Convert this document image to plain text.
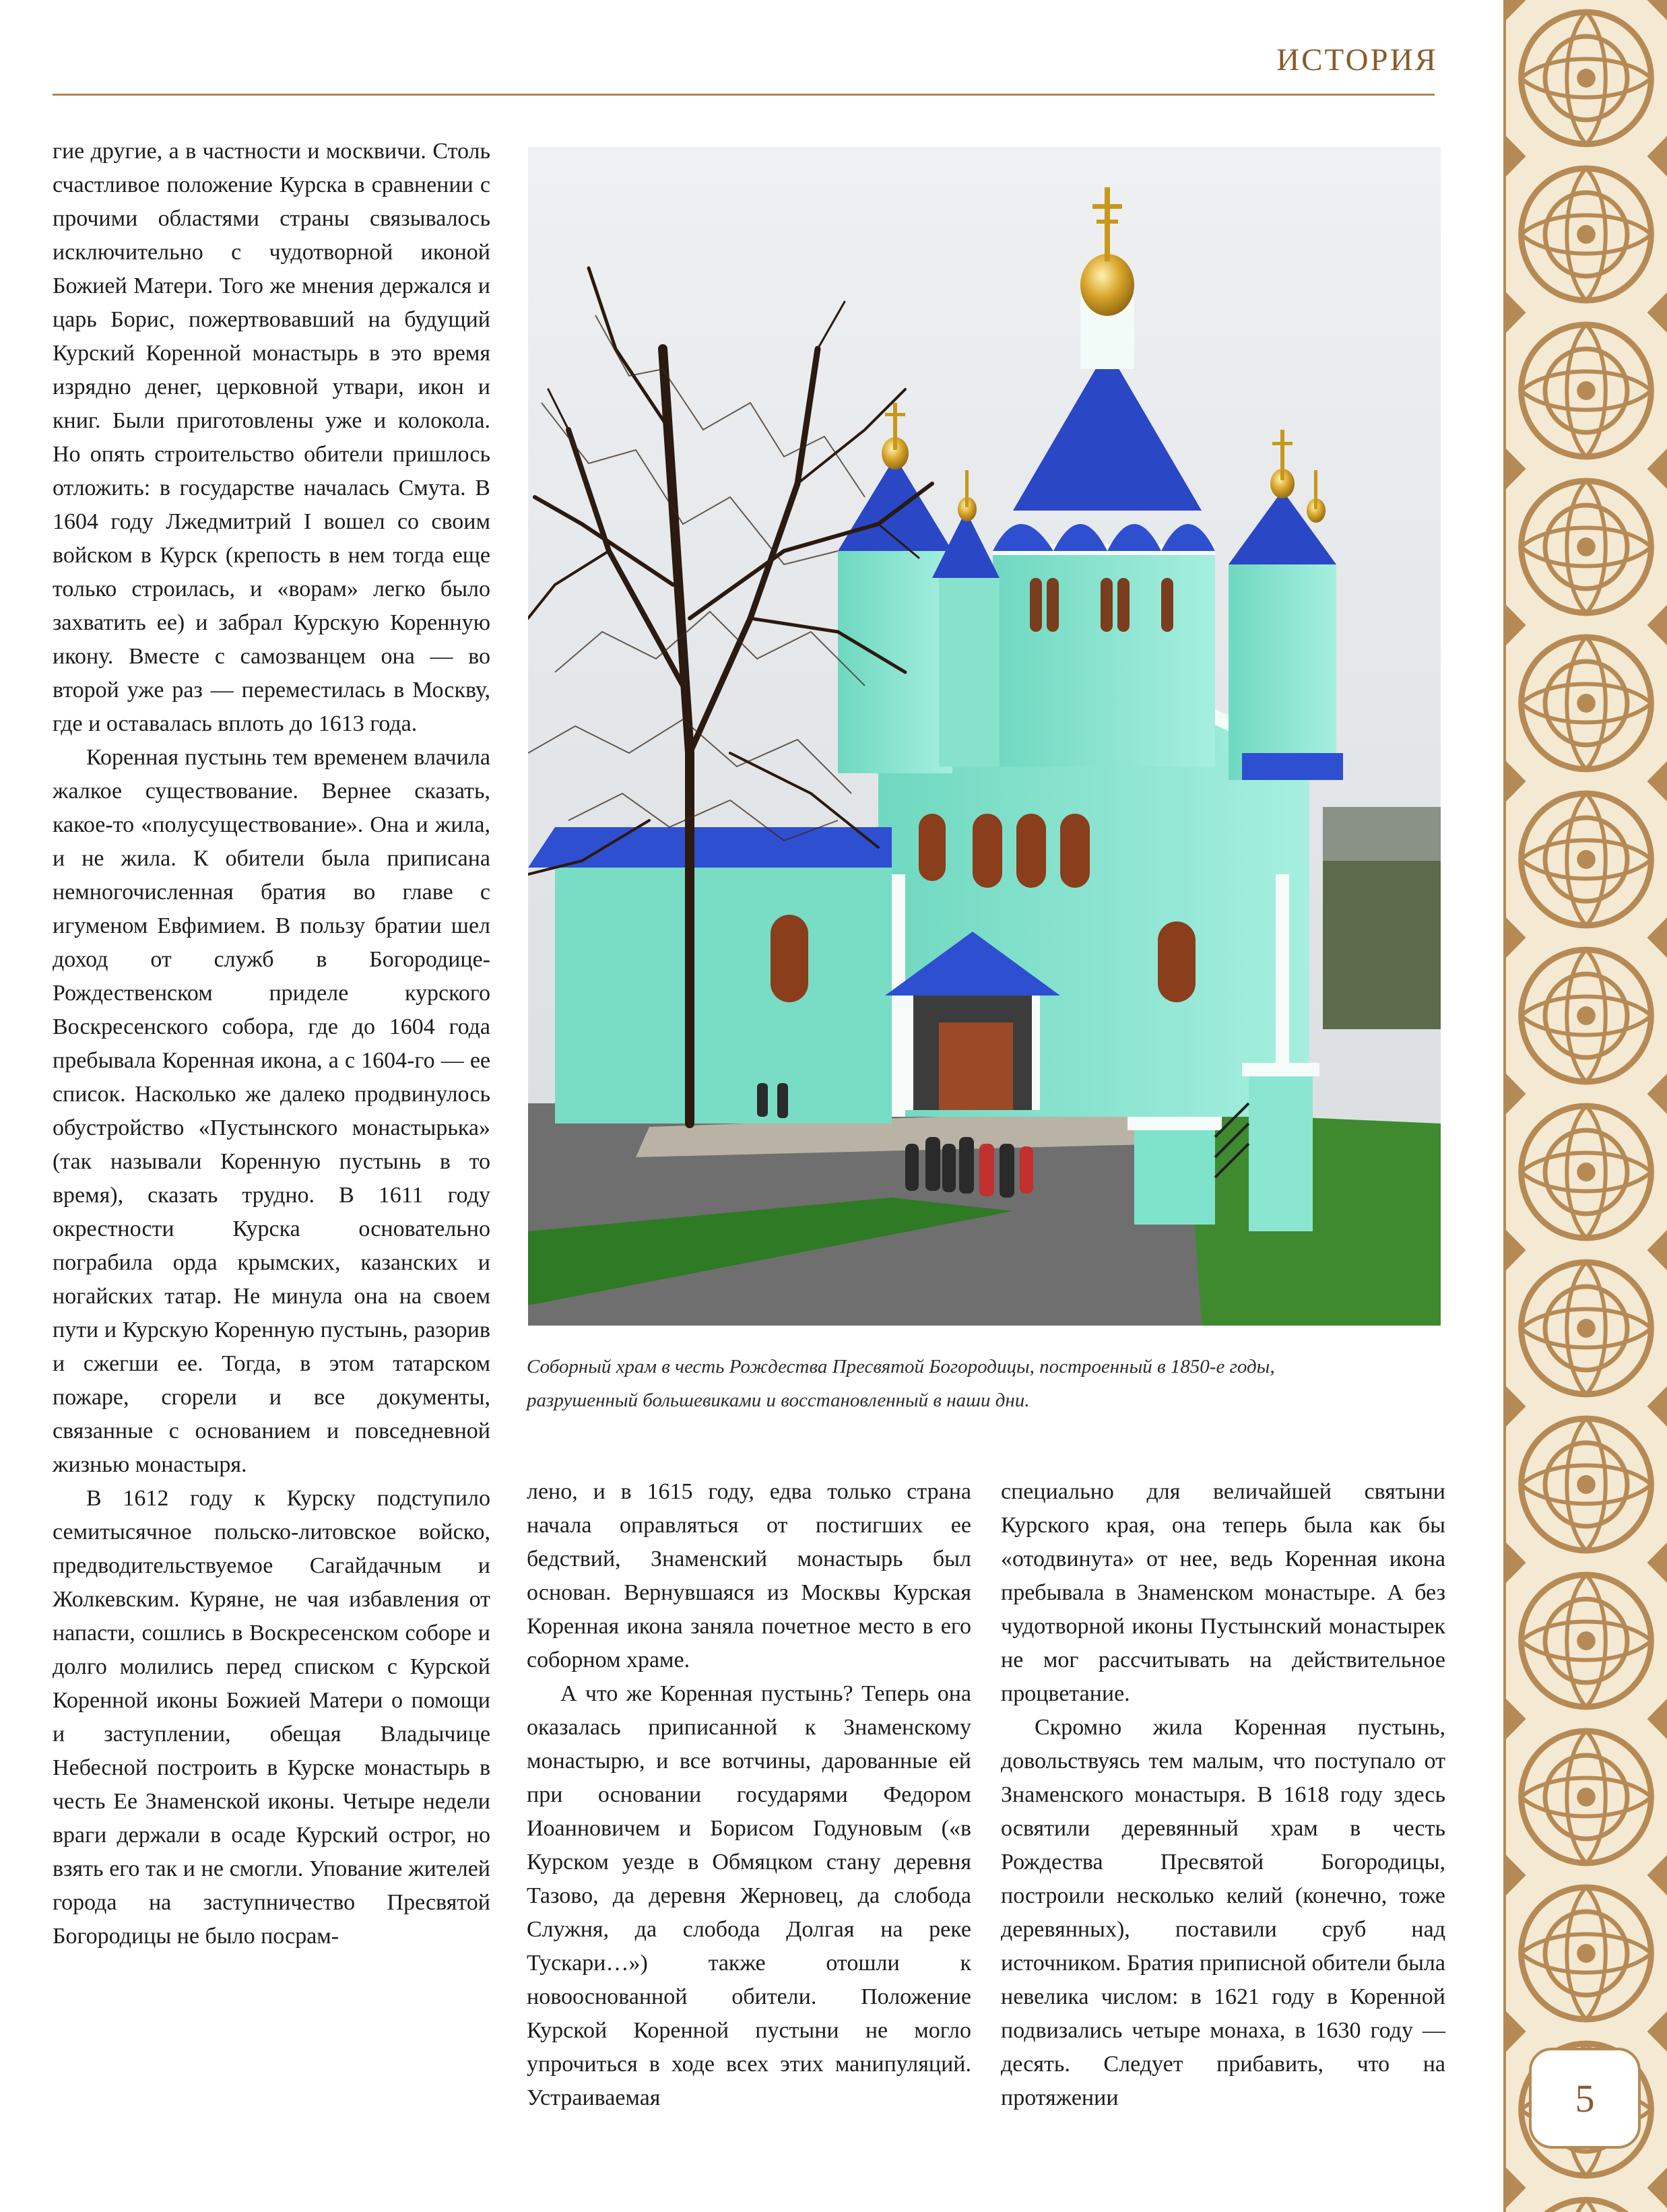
ИСТОРИЯ

гие другие, а в частности и москвичи. Столь счастливое положение Курска в сравнении с прочими областями страны связывалось исключительно с чудотворной иконой Божией Матери. Того же мнения держался и царь Борис, пожертвовавший на будущий Курский Коренной монастырь в это время изрядно денег, церковной утвари, икон и книг. Были приготовлены уже и колокола. Но опять строительство обители пришлось отложить: в государстве началась Смута. В 1604 году Лжедмитрий I вошел со своим войском в Курск (крепость в нем тогда еще только строилась, и «ворам» легко было захватить ее) и забрал Курскую Коренную икону. Вместе с самозванцем она — во второй уже раз — переместилась в Москву, где и оставалась вплоть до 1613 года.

Коренная пустынь тем временем влачила жалкое существование. Вернее сказать, какое-то «полусуществование». Она и жила, и не жила. К обители была приписана немногочисленная братия во главе с игуменом Евфимием. В пользу братии шел доход от служб в Богородице-Рождественском приделе курского Воскресенского собора, где до 1604 года пребывала Коренная икона, а с 1604-го — ее список. Насколько же далеко продвинулось обустройство «Пустынского монастырька» (так называли Коренную пустынь в то время), сказать трудно. В 1611 году окрестности Курска основательно пограбила орда крымских, казанских и ногайских татар. Не минула она на своем пути и Курскую Коренную пустынь, разорив и сжегши ее. Тогда, в этом татарском пожаре, сгорели и все документы, связанные с основанием и повседневной жизнью монастыря.

В 1612 году к Курску подступило семитысячное польско-литовское войско, предводительствуемое Сагайдачным и Жолкевским. Куряне, не чая избавления от напасти, сошлись в Воскресенском соборе и долго молились перед списком с Курской Коренной иконы Божией Матери о помощи и заступлении, обещая Владычице Небесной построить в Курске монастырь в честь Ее Знаменской иконы. Четыре недели враги держали в осаде Курский острог, но взять его так и не смогли. Упование жителей города на заступничество Пресвятой Богородицы не было посрам-

Соборный храм в честь Рождества Пресвятой Богородицы, построенный в 1850-е годы,

разрушенный большевиками и восстановленный в наши дни.

лено, и в 1615 году, едва только страна начала оправляться от постигших ее бедствий, Знаменский монастырь был основан. Вернувшаяся из Москвы Курская Коренная икона заняла почетное место в его соборном храме.

А что же Коренная пустынь? Теперь она оказалась приписанной к Знаменскому монастырю, и все вотчины, дарованные ей при основании государями Федором Иоанновичем и Борисом Годуновым («в Курском уезде в Обмяцком стану деревня Тазово, да деревня Жерновец, да слобода Служня, да слобода Долгая на реке Тускари…») также отошли к новооснованной обители. Положение Курской Коренной пустыни не могло упрочиться в ходе всех этих манипуляций. Устраиваемая

специально для величайшей святыни Курского края, она теперь была как бы «отодвинута» от нее, ведь Коренная икона пребывала в Знаменском монастыре. А без чудотворной иконы Пустынский монастырек не мог рассчитывать на действительное процветание.

Скромно жила Коренная пустынь, довольствуясь тем малым, что поступало от Знаменского монастыря. В 1618 году здесь освятили деревянный храм в честь Рождества Пресвятой Богородицы, построили несколько келий (конечно, тоже деревянных), поставили сруб над источником. Братия приписной обители была невелика числом: в 1621 году в Коренной подвизались четыре монаха, в 1630 году — десять. Следует прибавить, что на протяжении	5
